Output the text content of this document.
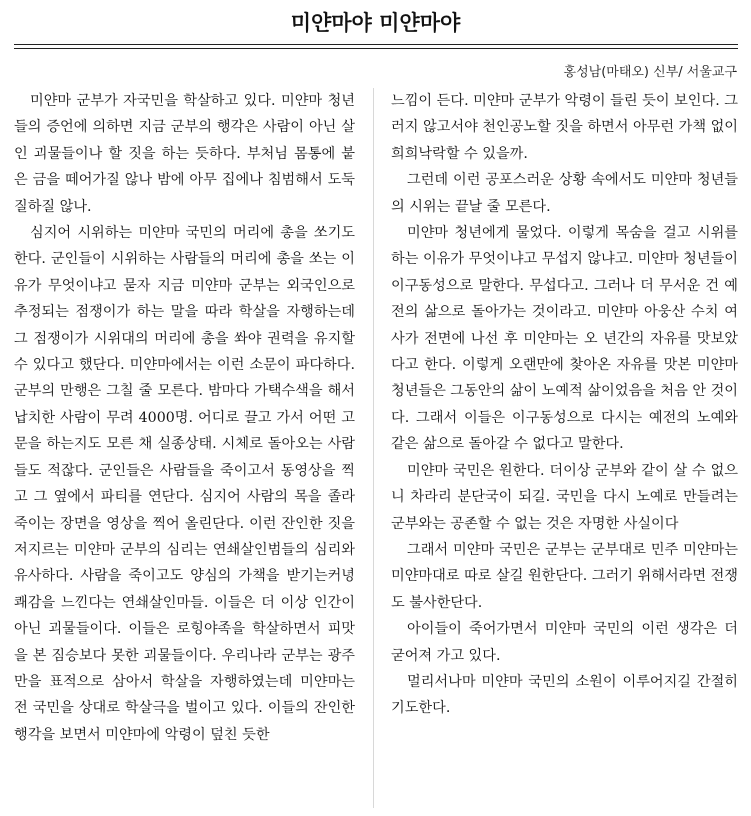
미얀마야 미얀마야
홍성남(마태오) 신부/ 서울교구

미얀마 군부가 자국민을 학살하고 있다. 미얀마 청년들의 증언에 의하면 지금 군부의 행각은 사람이 아닌 살인 괴물들이나 할 짓을 하는 듯하다. 부처님 몸통에 붙은 금을 떼어가질 않나 밤에 아무 집에나 침범해서 도둑질하질 않나.

심지어 시위하는 미얀마 국민의 머리에 총을 쏘기도 한다. 군인들이 시위하는 사람들의 머리에 총을 쏘는 이유가 무엇이냐고 묻자 지금 미얀마 군부는 외국인으로 추정되는 점쟁이가 하는 말을 따라 학살을 자행하는데 그 점쟁이가 시위대의 머리에 총을 쏴야 권력을 유지할 수 있다고 했단다. 미얀마에서는 이런 소문이 파다하다. 군부의 만행은 그칠 줄 모른다. 밤마다 가택수색을 해서 납치한 사람이 무려 4000명. 어디로 끌고 가서 어떤 고문을 하는지도 모른 채 실종상태. 시체로 돌아오는 사람들도 적잖다. 군인들은 사람들을 죽이고서 동영상을 찍고 그 옆에서 파티를 연단다. 심지어 사람의 목을 졸라 죽이는 장면을 영상을 찍어 올린단다. 이런 잔인한 짓을 저지르는 미얀마 군부의 심리는 연쇄살인범들의 심리와 유사하다. 사람을 죽이고도 양심의 가책을 받기는커녕 쾌감을 느낀다는 연쇄살인마들. 이들은 더 이상 인간이 아닌 괴물들이다. 이들은 로힝야족을 학살하면서 피맛을 본 짐승보다 못한 괴물들이다. 우리나라 군부는 광주만을 표적으로 삼아서 학살을 자행하였는데 미얀마는 전 국민을 상대로 학살극을 벌이고 있다. 이들의 잔인한 행각을 보면서 미얀마에 악령이 덮친 듯한

느낌이 든다. 미얀마 군부가 악령이 들린 듯이 보인다. 그러지 않고서야 천인공노할 짓을 하면서 아무런 가책 없이 희희낙락할 수 있을까.

그런데 이런 공포스러운 상황 속에서도 미얀마 청년들의 시위는 끝날 줄 모른다.

미얀마 청년에게 물었다. 이렇게 목숨을 걸고 시위를 하는 이유가 무엇이냐고 무섭지 않냐고. 미얀마 청년들이 이구동성으로 말한다. 무섭다고. 그러나 더 무서운 건 예전의 삶으로 돌아가는 것이라고. 미얀마 아웅산 수치 여사가 전면에 나선 후 미얀마는 오 년간의 자유를 맛보았다고 한다. 이렇게 오랜만에 찾아온 자유를 맛본 미얀마 청년들은 그동안의 삶이 노예적 삶이었음을 처음 안 것이다. 그래서 이들은 이구동성으로 다시는 예전의 노예와 같은 삶으로 돌아갈 수 없다고 말한다.

미얀마 국민은 원한다. 더이상 군부와 같이 살 수 없으니 차라리 분단국이 되길. 국민을 다시 노예로 만들려는 군부와는 공존할 수 없는 것은 자명한 사실이다

그래서 미얀마 국민은 군부는 군부대로 민주 미얀마는 미얀마대로 따로 살길 원한단다. 그러기 위해서라면 전쟁도 불사한단다.

아이들이 죽어가면서 미얀마 국민의 이런 생각은 더 굳어져 가고 있다.

멀리서나마 미얀마 국민의 소원이 이루어지길 간절히 기도한다.
